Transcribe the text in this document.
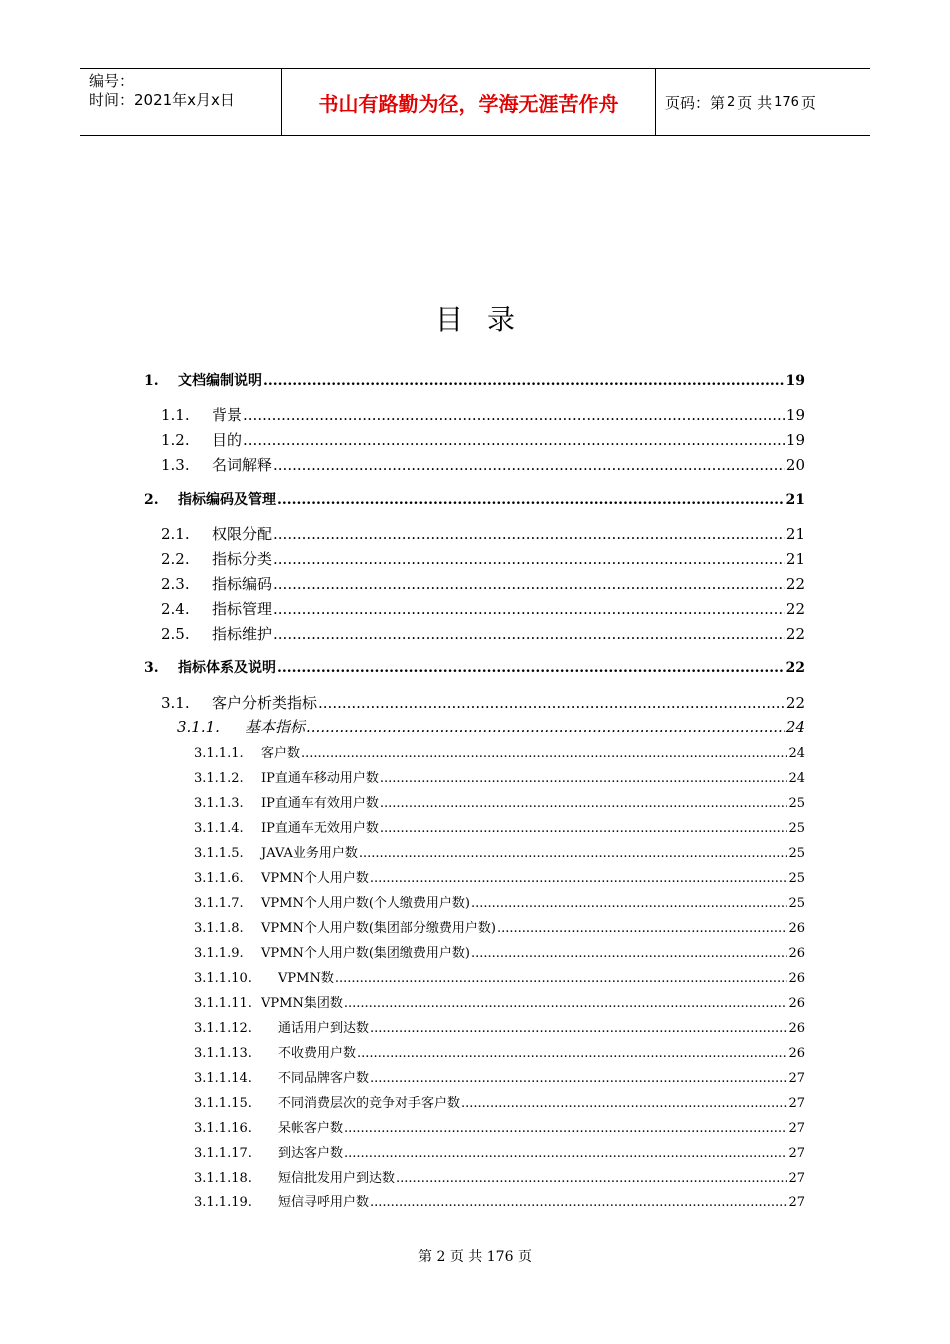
编号：
时间：2021年x月x日	书山有路勤为径，学海无涯苦作舟	页码：第 2 页 共 176 页
目录
1.	文档编制说明 .....	19
1.1.	背景 .....	19
1.2.	目的 .....	19
1.3.	名词解释 .....	20
2.	指标编码及管理 .....	21
2.1.	权限分配 .....	21
2.2.	指标分类 .....	21
2.3.	指标编码 .....	22
2.4.	指标管理 .....	22
2.5.	指标维护 .....	22
3.	指标体系及说明 .....	22
3.1.	客户分析类指标 .....	22
3.1.1.	基本指标 .....	24
3.1.1.1.	客户数 .....	24
3.1.1.2.	IP直通车移动用户数 .....	24
3.1.1.3.	IP直通车有效用户数 .....	25
3.1.1.4.	IP直通车无效用户数 .....	25
3.1.1.5.	JAVA业务用户数 .....	25
3.1.1.6.	VPMN个人用户数 .....	25
3.1.1.7.	VPMN个人用户数(个人缴费用户数) .....	25
3.1.1.8.	VPMN个人用户数(集团部分缴费用户数) .....	26
3.1.1.9.	VPMN个人用户数(集团缴费用户数) .....	26
3.1.1.10.	VPMN数 .....	26
3.1.1.11. VPMN集团数 .....	26
3.1.1.12.	通话用户到达数 .....	26
3.1.1.13.	不收费用户数 .....	26
3.1.1.14.	不同品牌客户数 .....	27
3.1.1.15.	不同消费层次的竞争对手客户数 .....	27
3.1.1.16.	呆帐客户数 .....	27
3.1.1.17.	到达客户数 .....	27
3.1.1.18.	短信批发用户到达数 .....	27
3.1.1.19.	短信寻呼用户数 .....	27
第 2 页 共 176 页
